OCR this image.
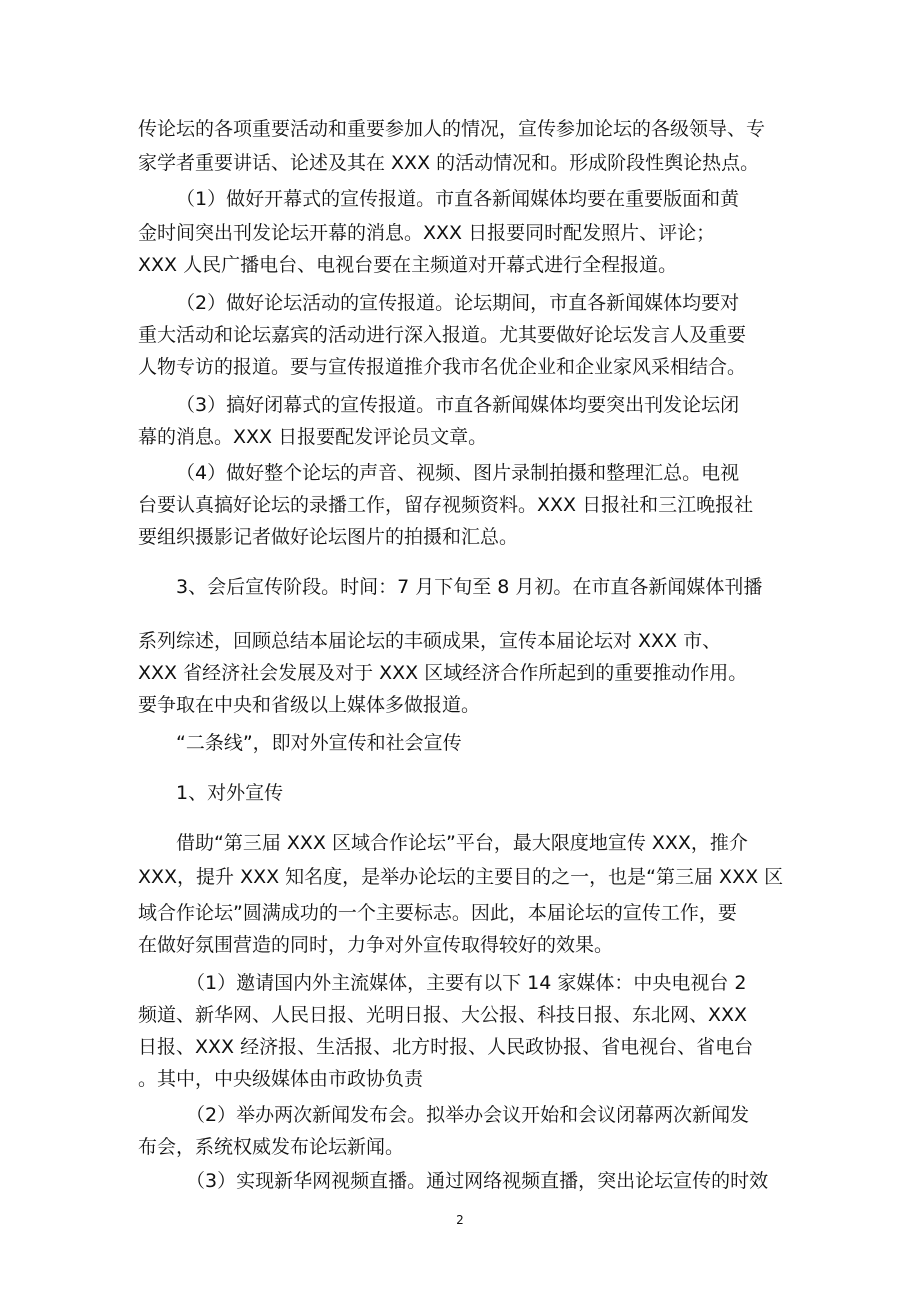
传论坛的各项重要活动和重要参加人的情况，宣传参加论坛的各级领导、专
家学者重要讲话、论述及其在 XXX 的活动情况和。形成阶段性舆论热点。
（1）做好开幕式的宣传报道。市直各新闻媒体均要在重要版面和黄
金时间突出刊发论坛开幕的消息。XXX 日报要同时配发照片、评论；
XXX 人民广播电台、电视台要在主频道对开幕式进行全程报道。
（2）做好论坛活动的宣传报道。论坛期间，市直各新闻媒体均要对
重大活动和论坛嘉宾的活动进行深入报道。尤其要做好论坛发言人及重要
人物专访的报道。要与宣传报道推介我市名优企业和企业家风采相结合。
（3）搞好闭幕式的宣传报道。市直各新闻媒体均要突出刊发论坛闭
幕的消息。XXX 日报要配发评论员文章。
（4）做好整个论坛的声音、视频、图片录制拍摄和整理汇总。电视
台要认真搞好论坛的录播工作，留存视频资料。XXX 日报社和三江晚报社
要组织摄影记者做好论坛图片的拍摄和汇总。
3、会后宣传阶段。时间：7 月下旬至 8 月初。在市直各新闻媒体刊播
系列综述，回顾总结本届论坛的丰硕成果，宣传本届论坛对 XXX 市、
XXX 省经济社会发展及对于 XXX 区域经济合作所起到的重要推动作用。
要争取在中央和省级以上媒体多做报道。
“二条线”，即对外宣传和社会宣传
1、对外宣传
借助“第三届 XXX 区域合作论坛”平台，最大限度地宣传 XXX，推介
XXX，提升 XXX 知名度，是举办论坛的主要目的之一，也是“第三届 XXX 区
域合作论坛”圆满成功的一个主要标志。因此，本届论坛的宣传工作，要
在做好氛围营造的同时，力争对外宣传取得较好的效果。
（1）邀请国内外主流媒体，主要有以下 14 家媒体：中央电视台 2
频道、新华网、人民日报、光明日报、大公报、科技日报、东北网、XXX
日报、XXX 经济报、生活报、北方时报、人民政协报、省电视台、省电台
。其中，中央级媒体由市政协负责
（2）举办两次新闻发布会。拟举办会议开始和会议闭幕两次新闻发
布会，系统权威发布论坛新闻。
（3）实现新华网视频直播。通过网络视频直播，突出论坛宣传的时效
2
